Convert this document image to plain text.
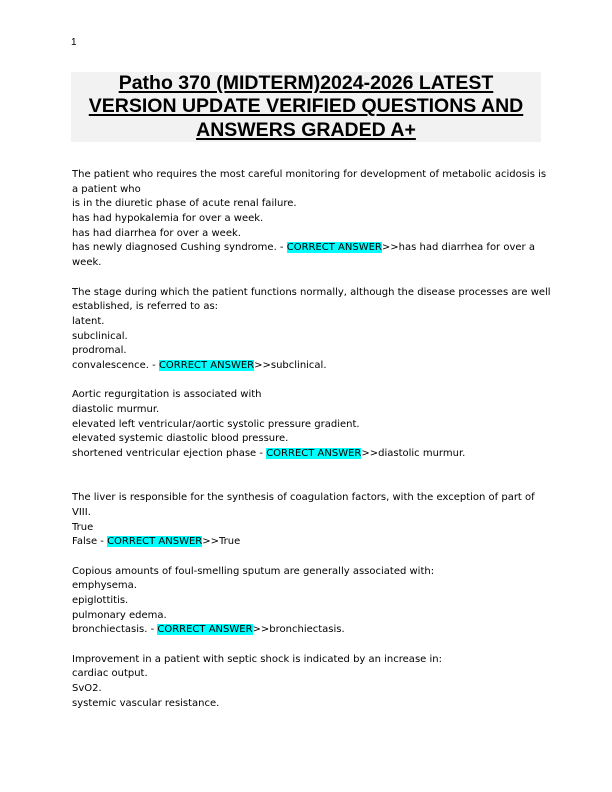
1
Patho 370 (MIDTERM)2024-2026 LATEST
VERSION UPDATE VERIFIED QUESTIONS AND
ANSWERS GRADED A+
The patient who requires the most careful monitoring for development of metabolic acidosis is
a patient who
is in the diuretic phase of acute renal failure.
has had hypokalemia for over a week.
has had diarrhea for over a week.
has newly diagnosed Cushing syndrome. - CORRECT ANSWER>>has had diarrhea for over a
week.
The stage during which the patient functions normally, although the disease processes are well
established, is referred to as:
latent.
subclinical.
prodromal.
convalescence. - CORRECT ANSWER>>subclinical.
Aortic regurgitation is associated with
diastolic murmur.
elevated left ventricular/aortic systolic pressure gradient.
elevated systemic diastolic blood pressure.
shortened ventricular ejection phase - CORRECT ANSWER>>diastolic murmur.
The liver is responsible for the synthesis of coagulation factors, with the exception of part of
VIII.
True
False - CORRECT ANSWER>>True
Copious amounts of foul-smelling sputum are generally associated with:
emphysema.
epiglottitis.
pulmonary edema.
bronchiectasis. - CORRECT ANSWER>>bronchiectasis.
Improvement in a patient with septic shock is indicated by an increase in:
cardiac output.
SvO2.
systemic vascular resistance.
